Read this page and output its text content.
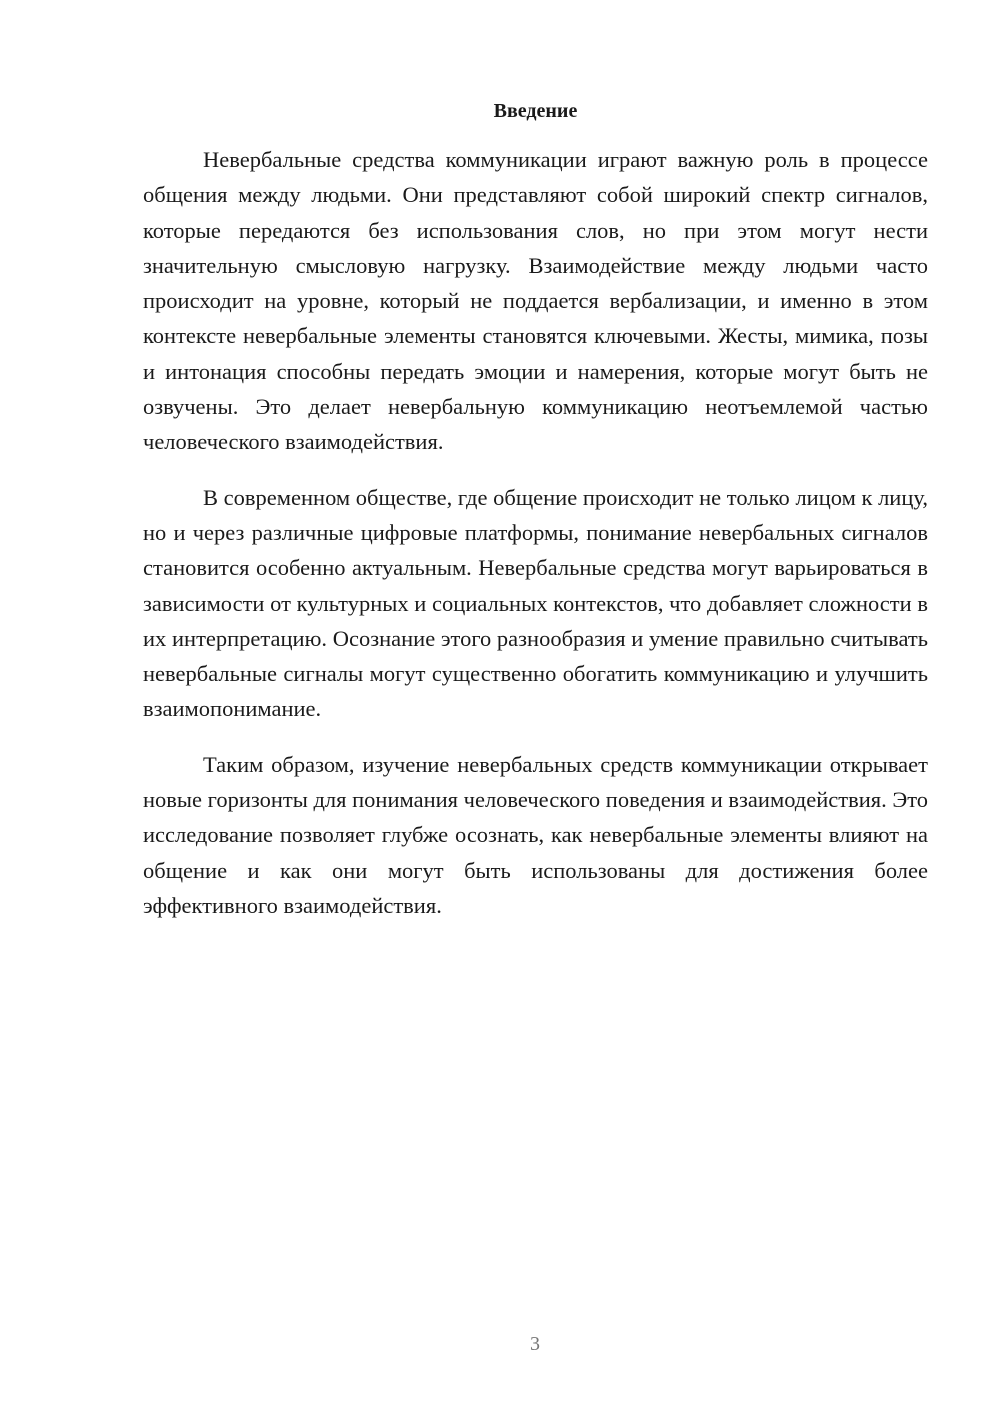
Введение

Невербальные средства коммуникации играют важную роль в процессе общения между людьми. Они представляют собой широкий спектр сигналов, которые передаются без использования слов, но при этом могут нести значительную смысловую нагрузку. Взаимодействие между людьми часто происходит на уровне, который не поддается вербализации, и именно в этом контексте невербальные элементы становятся ключевыми. Жесты, мимика, позы и интонация способны передать эмоции и намерения, которые могут быть не озвучены. Это делает невербальную коммуникацию неотъемлемой частью человеческого взаимодействия.

В современном обществе, где общение происходит не только лицом к лицу, но и через различные цифровые платформы, понимание невербальных сигналов становится особенно актуальным. Невербальные средства могут варьироваться в зависимости от культурных и социальных контекстов, что добавляет сложности в их интерпретацию. Осознание этого разнообразия и умение правильно считывать невербальные сигналы могут существенно обогатить коммуникацию и улучшить взаимопонимание.

Таким образом, изучение невербальных средств коммуникации открывает новые горизонты для понимания человеческого поведения и взаимодействия. Это исследование позволяет глубже осознать, как невербальные элементы влияют на общение и как они могут быть использованы для достижения более эффективного взаимодействия.

3
